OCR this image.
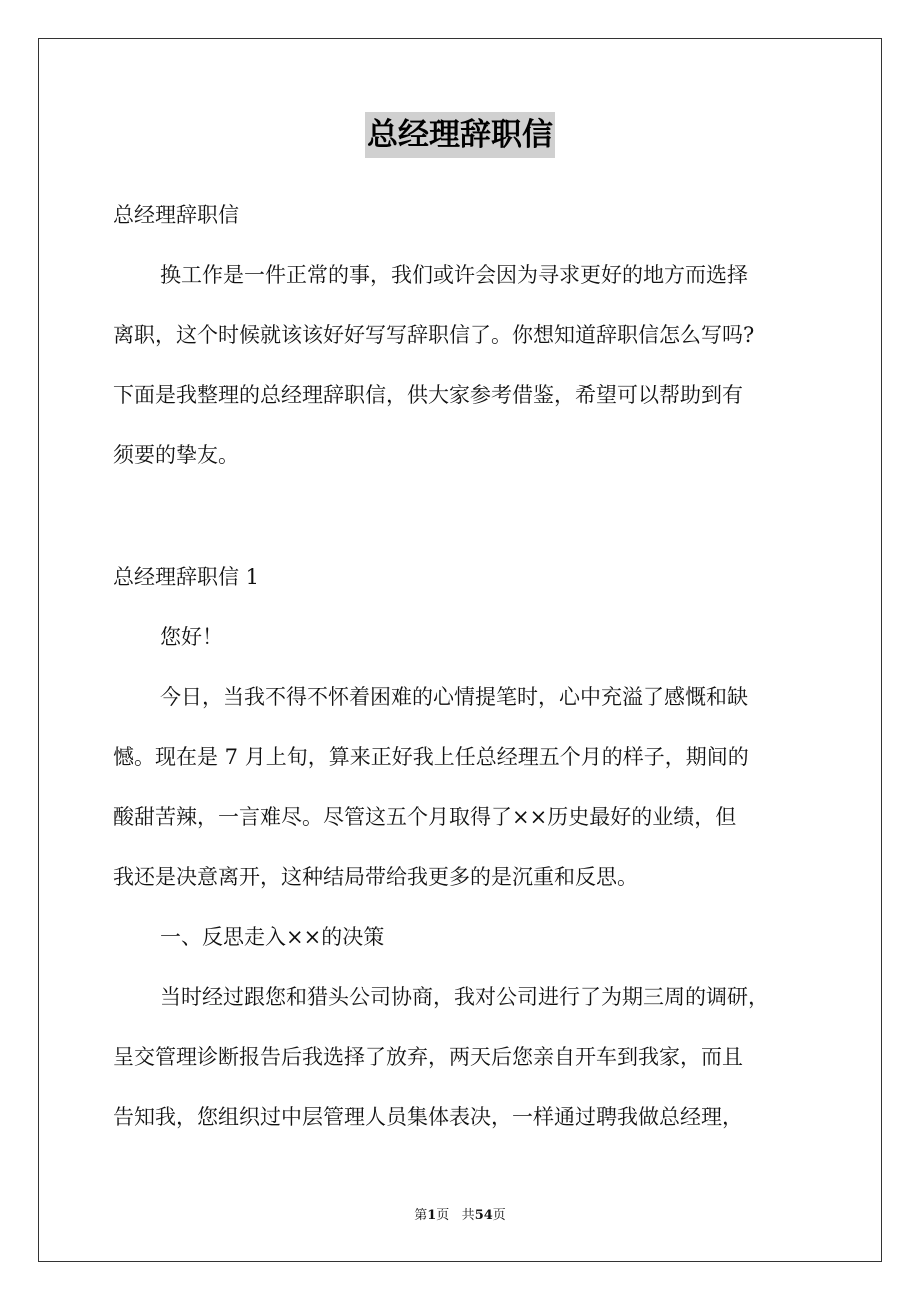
总经理辞职信
总经理辞职信
换工作是一件正常的事，我们或许会因为寻求更好的地方而选择
离职，这个时候就该该好好写写辞职信了。你想知道辞职信怎么写吗?
下面是我整理的总经理辞职信，供大家参考借鉴，希望可以帮助到有
须要的挚友。
总经理辞职信 1
您好！
今日，当我不得不怀着困难的心情提笔时，心中充溢了感慨和缺
憾。现在是 7 月上旬，算来正好我上任总经理五个月的样子，期间的
酸甜苦辣，一言难尽。尽管这五个月取得了××历史最好的业绩，但
我还是决意离开，这种结局带给我更多的是沉重和反思。
一、反思走入××的决策
当时经过跟您和猎头公司协商，我对公司进行了为期三周的调研，
呈交管理诊断报告后我选择了放弃，两天后您亲自开车到我家，而且
告知我，您组织过中层管理人员集体表决，一样通过聘我做总经理，
第1页 共54页
